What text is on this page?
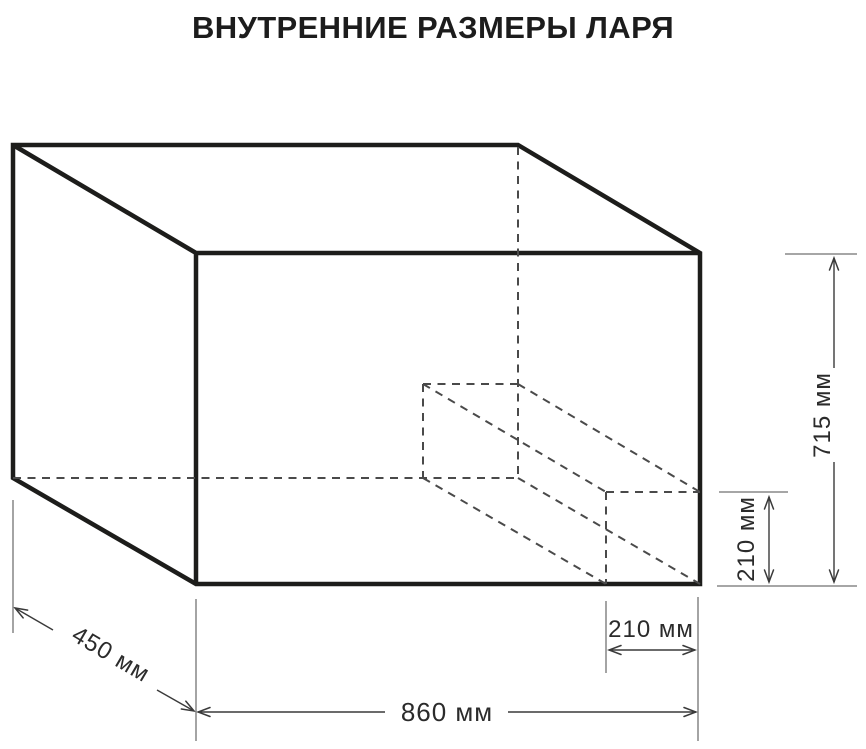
ВНУТРЕННИЕ РАЗМЕРЫ ЛАРЯ
860 мм
450 мм
715 мм
210 мм
210 мм
